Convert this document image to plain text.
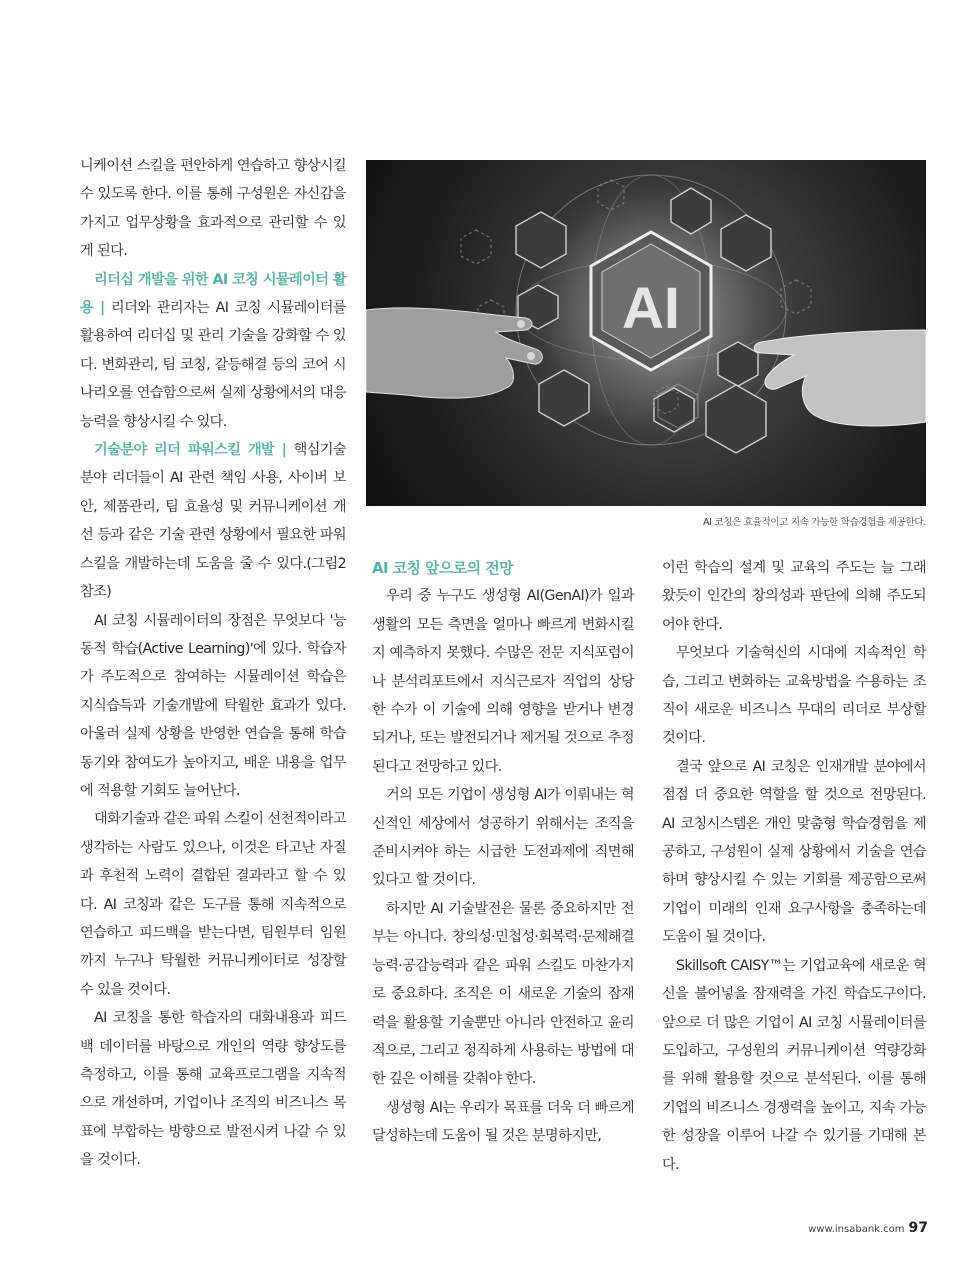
니케이션 스킬을 편안하게 연습하고 향상시킬 수 있도록 한다. 이를 통해 구성원은 자신감을 가지고 업무상황을 효과적으로 관리할 수 있게 된다.

리더십 개발을 위한 AI 코칭 시뮬레이터 활용 | 리더와 관리자는 AI 코칭 시뮬레이터를 활용하여 리더십 및 관리 기술을 강화할 수 있다. 변화관리, 팀 코칭, 갈등해결 등의 코어 시나리오를 연습함으로써 실제 상황에서의 대응능력을 향상시킬 수 있다.

기술분야 리더 파워스킬 개발 | 핵심기술 분야 리더들이 AI 관련 책임 사용, 사이버 보안, 제품관리, 팀 효율성 및 커뮤니케이션 개선 등과 같은 기술 관련 상황에서 필요한 파워 스킬을 개발하는데 도움을 줄 수 있다.(그림2 참조)

AI 코칭 시뮬레이터의 장점은 무엇보다 '능동적 학습(Active Learning)'에 있다. 학습자가 주도적으로 참여하는 시뮬레이션 학습은 지식습득과 기술개발에 탁월한 효과가 있다. 아울러 실제 상황을 반영한 연습을 통해 학습동기와 참여도가 높아지고, 배운 내용을 업무에 적용할 기회도 늘어난다.

대화기술과 같은 파워 스킬이 선천적이라고 생각하는 사람도 있으나, 이것은 타고난 자질과 후천적 노력이 결합된 결과라고 할 수 있다. AI 코칭과 같은 도구를 통해 지속적으로 연습하고 피드백을 받는다면, 팀원부터 임원까지 누구나 탁월한 커뮤니케이터로 성장할 수 있을 것이다.

AI 코칭을 통한 학습자의 대화내용과 피드백 데이터를 바탕으로 개인의 역량 향상도를 측정하고, 이를 통해 교육프로그램을 지속적으로 개선하며, 기업이나 조직의 비즈니스 목표에 부합하는 방향으로 발전시켜 나갈 수 있을 것이다.

AI
AI 코칭은 효율적이고 지속 가능한 학습경험을 제공한다.

AI 코칭 앞으로의 전망

우리 중 누구도 생성형 AI(GenAI)가 일과 생활의 모든 측면을 얼마나 빠르게 변화시킬지 예측하지 못했다. 수많은 전문 지식포럼이나 분석리포트에서 지식근로자 직업의 상당한 수가 이 기술에 의해 영향을 받거나 변경되거나, 또는 발전되거나 제거될 것으로 추정된다고 전망하고 있다.

거의 모든 기업이 생성형 AI가 이뤄내는 혁신적인 세상에서 성공하기 위해서는 조직을 준비시켜야 하는 시급한 도전과제에 직면해 있다고 할 것이다.

하지만 AI 기술발전은 물론 중요하지만 전부는 아니다. 창의성·민첩성·회복력·문제해결능력·공감능력과 같은 파워 스킬도 마찬가지로 중요하다. 조직은 이 새로운 기술의 잠재력을 활용할 기술뿐만 아니라 안전하고 윤리적으로, 그리고 정직하게 사용하는 방법에 대한 깊은 이해를 갖춰야 한다.

생성형 AI는 우리가 목표를 더욱 더 빠르게 달성하는데 도움이 될 것은 분명하지만,

이런 학습의 설계 및 교육의 주도는 늘 그래 왔듯이 인간의 창의성과 판단에 의해 주도되어야 한다.

무엇보다 기술혁신의 시대에 지속적인 학습, 그리고 변화하는 교육방법을 수용하는 조직이 새로운 비즈니스 무대의 리더로 부상할 것이다.

결국 앞으로 AI 코칭은 인재개발 분야에서 점점 더 중요한 역할을 할 것으로 전망된다. AI 코칭시스템은 개인 맞춤형 학습경험을 제공하고, 구성원이 실제 상황에서 기술을 연습하며 향상시킬 수 있는 기회를 제공함으로써 기업이 미래의 인재 요구사항을 충족하는데 도움이 될 것이다.

Skillsoft CAISY™는 기업교육에 새로운 혁신을 불어넣을 잠재력을 가진 학습도구이다. 앞으로 더 많은 기업이 AI 코칭 시뮬레이터를 도입하고, 구성원의 커뮤니케이션 역량강화를 위해 활용할 것으로 분석된다. 이를 통해 기업의 비즈니스 경쟁력을 높이고, 지속 가능한 성장을 이루어 나갈 수 있기를 기대해 본다.

www.insabank.com 97
